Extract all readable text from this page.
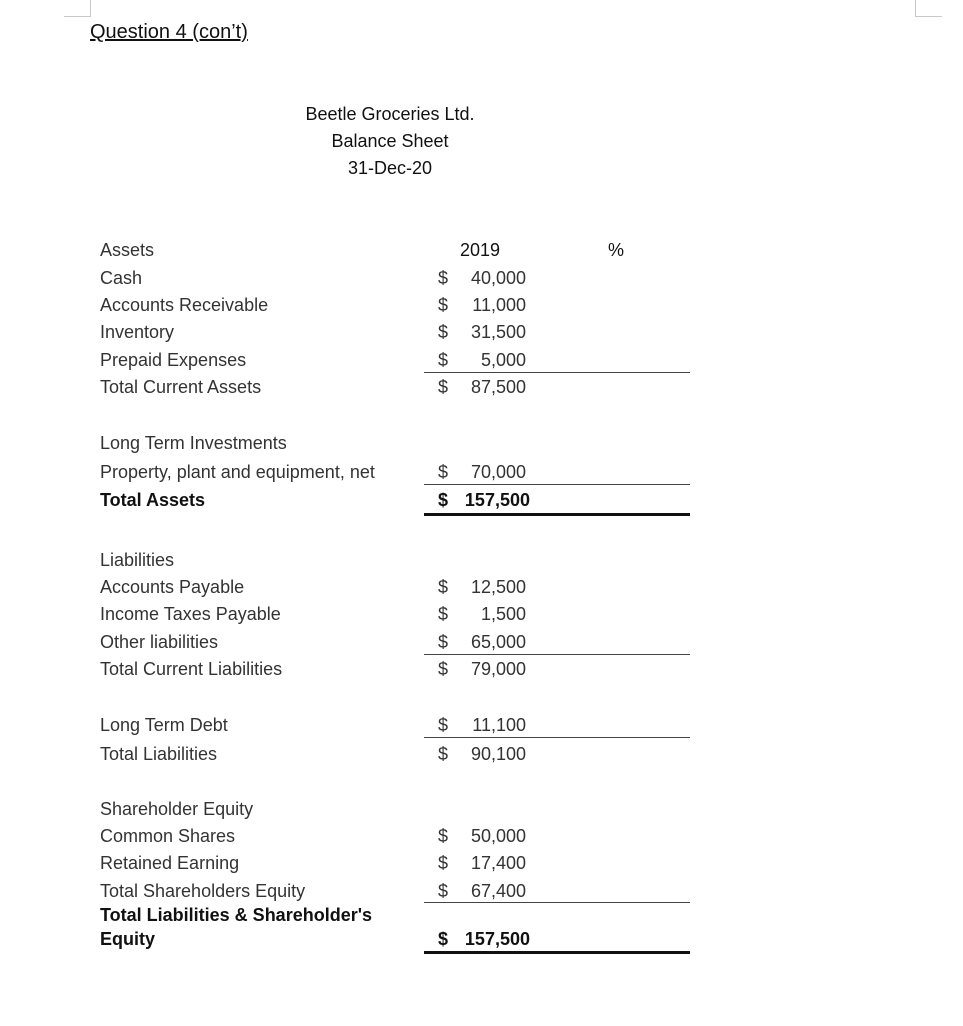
Question 4 (con’t)
Beetle Groceries Ltd.
Balance Sheet
31-Dec-20
2019	%
Assets
Cash	$ 40,000
Accounts Receivable	$ 11,000
Inventory	$ 31,500
Prepaid Expenses	$ 5,000
Total Current Assets	$ 87,500
Long Term Investments
Property, plant and equipment, net	$ 70,000
Total Assets	$ 157,500
Liabilities
Accounts Payable	$ 12,500
Income Taxes Payable	$ 1,500
Other liabilities	$ 65,000
Total Current Liabilities	$ 79,000
Long Term Debt	$ 11,100
Total Liabilities	$ 90,100
Shareholder Equity
Common Shares	$ 50,000
Retained Earning	$ 17,400
Total Shareholders Equity	$ 67,400
Total Liabilities & Shareholder's
Equity	$ 157,500
